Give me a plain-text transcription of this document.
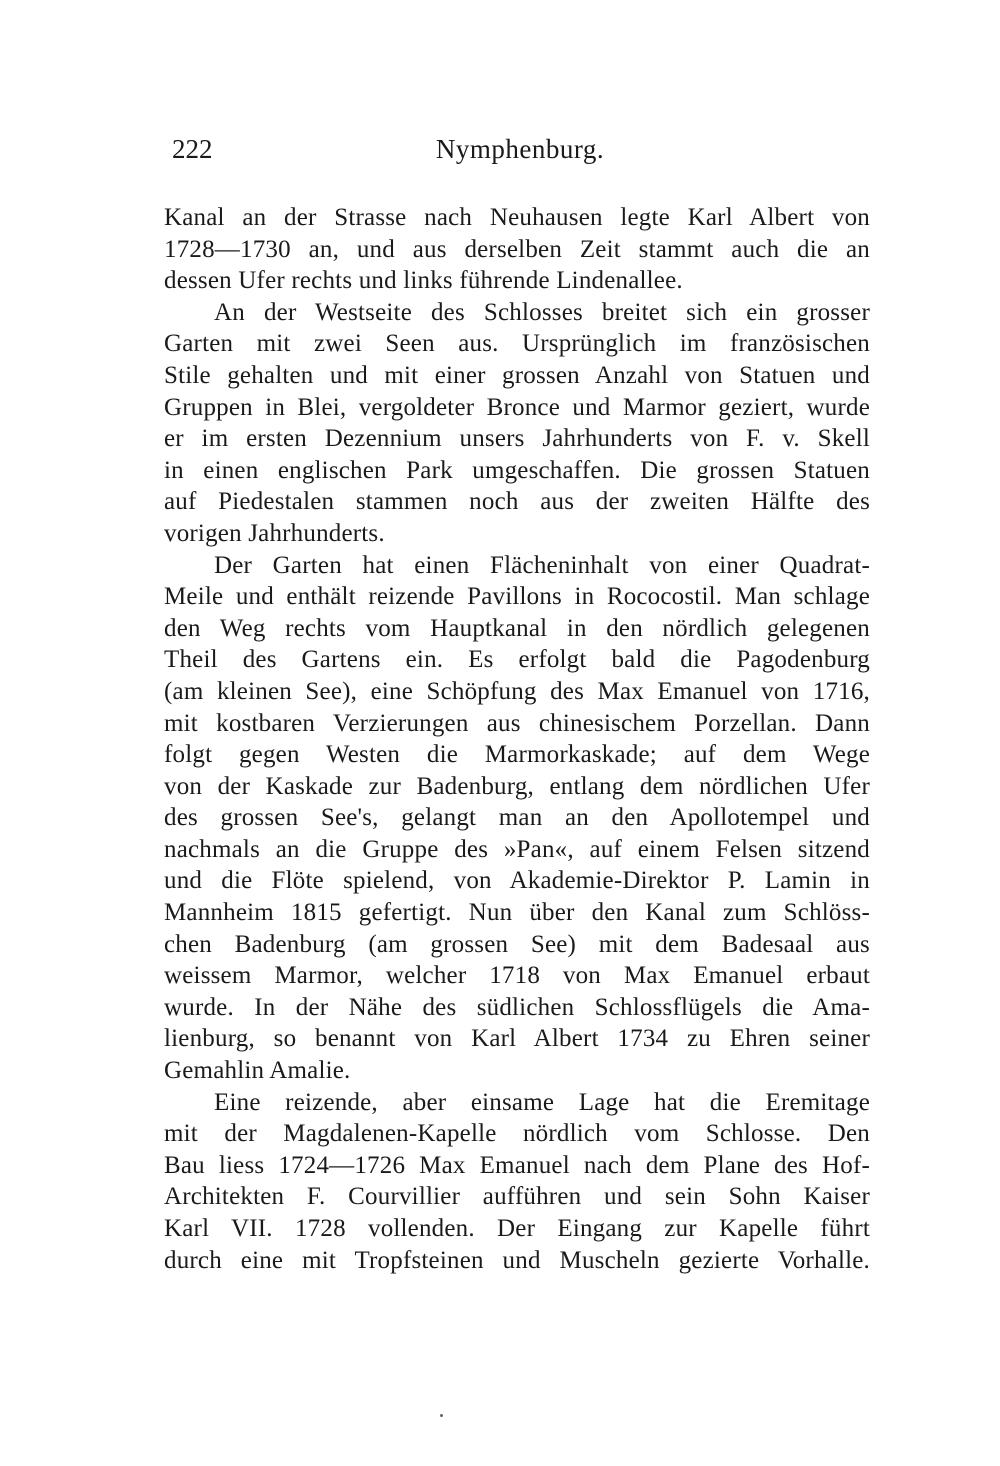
222	Nymphenburg.
Kanal an der Strasse nach Neuhausen legte Karl Albert von
1728—1730 an, und aus derselben Zeit stammt auch die an
dessen Ufer rechts und links führende Lindenallee.
An der Westseite des Schlosses breitet sich ein grosser
Garten mit zwei Seen aus. Ursprünglich im französischen
Stile gehalten und mit einer grossen Anzahl von Statuen und
Gruppen in Blei, vergoldeter Bronce und Marmor geziert, wurde
er im ersten Dezennium unsers Jahrhunderts von F. v. Skell
in einen englischen Park umgeschaffen. Die grossen Statuen
auf Piedestalen stammen noch aus der zweiten Hälfte des
vorigen Jahrhunderts.
Der Garten hat einen Flächeninhalt von einer Quadrat-
Meile und enthält reizende Pavillons in Rococostil. Man schlage
den Weg rechts vom Hauptkanal in den nördlich gelegenen
Theil des Gartens ein. Es erfolgt bald die Pagodenburg
(am kleinen See), eine Schöpfung des Max Emanuel von 1716,
mit kostbaren Verzierungen aus chinesischem Porzellan. Dann
folgt gegen Westen die Marmorkaskade; auf dem Wege
von der Kaskade zur Badenburg, entlang dem nördlichen Ufer
des grossen See's, gelangt man an den Apollotempel und
nachmals an die Gruppe des »Pan«, auf einem Felsen sitzend
und die Flöte spielend, von Akademie-Direktor P. Lamin in
Mannheim 1815 gefertigt. Nun über den Kanal zum Schlöss-
chen Badenburg (am grossen See) mit dem Badesaal aus
weissem Marmor, welcher 1718 von Max Emanuel erbaut
wurde. In der Nähe des südlichen Schlossflügels die Ama-
lienburg, so benannt von Karl Albert 1734 zu Ehren seiner
Gemahlin Amalie.
Eine reizende, aber einsame Lage hat die Eremitage
mit der Magdalenen-Kapelle nördlich vom Schlosse. Den
Bau liess 1724—1726 Max Emanuel nach dem Plane des Hof-
Architekten F. Courvillier aufführen und sein Sohn Kaiser
Karl VII. 1728 vollenden. Der Eingang zur Kapelle führt
durch eine mit Tropfsteinen und Muscheln gezierte Vorhalle.
